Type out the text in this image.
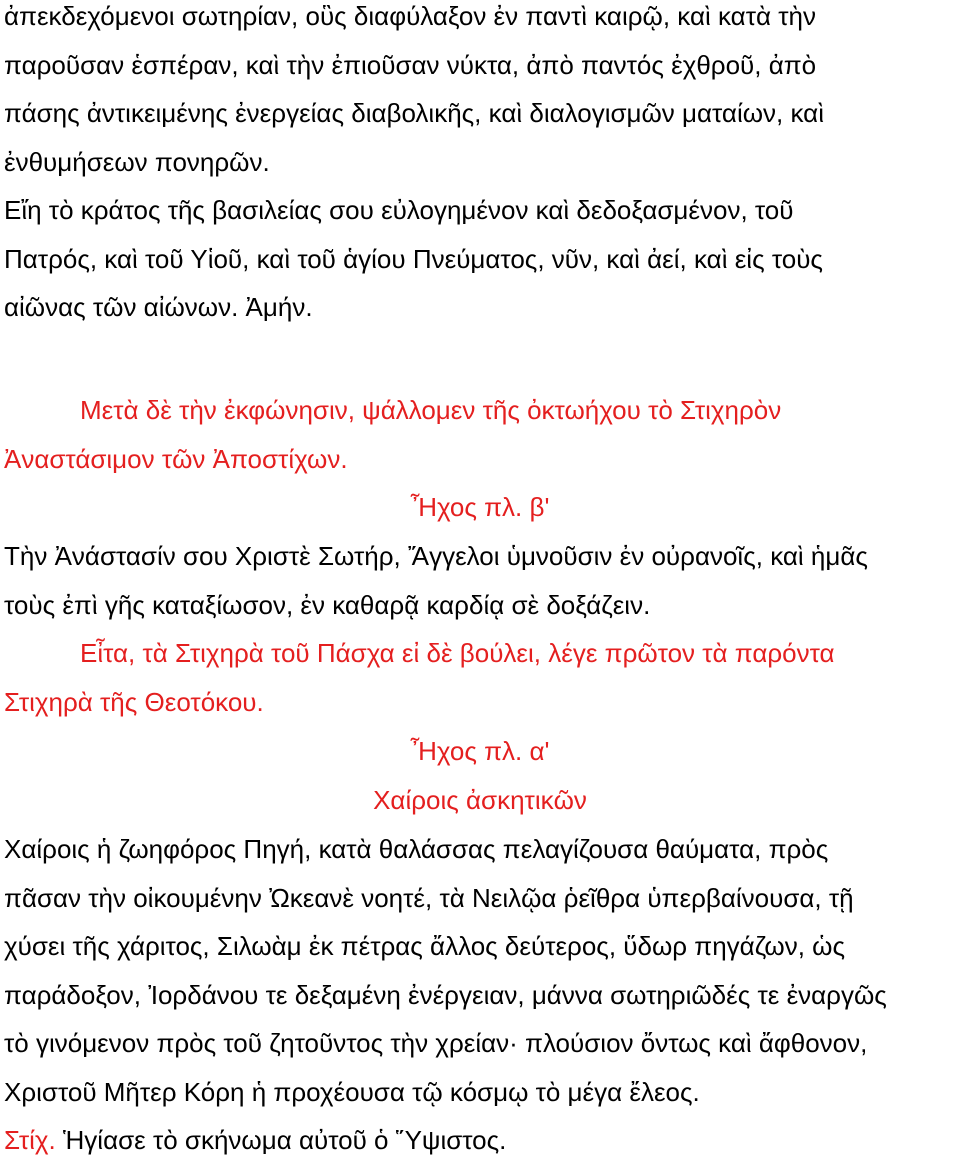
ἀπεκδεχόμενοι σωτηρίαν, οὓς διαφύλαξον ἐν παντὶ καιρῷ, καὶ κατὰ τὴν
παροῦσαν ἑσπέραν, καὶ τὴν ἐπιοῦσαν νύκτα, ἀπὸ παντός ἐχθροῦ, ἀπὸ
πάσης ἀντικειμένης ἐνεργείας διαβολικῆς, καὶ διαλογισμῶν ματαίων, καὶ
ἐνθυμήσεων πονηρῶν.

Εἴη τὸ κράτος τῆς βασιλείας σου εὐλογημένον καὶ δεδοξασμένον, τοῦ
Πατρός, καὶ τοῦ Υἱοῦ, καὶ τοῦ ἁγίου Πνεύματος, νῦν, καὶ ἀεί, καὶ εἰς τοὺς
αἰῶνας τῶν αἰώνων. Ἀμήν.

Μετὰ δὲ τὴν ἐκφώνησιν, ψάλλομεν τῆς ὀκτωήχου τὸ Στιχηρὸν
Ἀναστάσιμον τῶν Ἀποστίχων.

Ἦχος πλ. β'

Τὴν Ἀνάστασίν σου Χριστὲ Σωτήρ, Ἄγγελοι ὑμνοῦσιν ἐν οὐρανοῖς, καὶ ἡμᾶς
τοὺς ἐπὶ γῆς καταξίωσον, ἐν καθαρᾷ καρδίᾳ σὲ δοξάζειν.

Εἶτα, τὰ Στιχηρὰ τοῦ Πάσχα εἰ δὲ βούλει, λέγε πρῶτον τὰ παρόντα
Στιχηρὰ τῆς Θεοτόκου.

Ἦχος πλ. α'

Χαίροις ἀσκητικῶν

Χαίροις ἡ ζωηφόρος Πηγή, κατὰ θαλάσσας πελαγίζουσα θαύματα, πρὸς
πᾶσαν τὴν οἰκουμένην Ὠκεανὲ νοητέ, τὰ Νειλῷα ῥεῖθρα ὑπερβαίνουσα, τῇ
χύσει τῆς χάριτος, Σιλωὰμ ἐκ πέτρας ἄλλος δεύτερος, ὕδωρ πηγάζων, ὡς
παράδοξον, Ἰορδάνου τε δεξαμένη ἐνέργειαν, μάννα σωτηριῶδές τε ἐναργῶς
τὸ γινόμενον πρὸς τοῦ ζητοῦντος τὴν χρείαν· πλούσιον ὄντως καὶ ἄφθονον,
Χριστοῦ Μῆτερ Κόρη ἡ προχέουσα τῷ κόσμῳ τὸ μέγα ἔλεος.

Στίχ. Ἡγίασε τὸ σκήνωμα αὐτοῦ ὁ Ὕψιστος.
